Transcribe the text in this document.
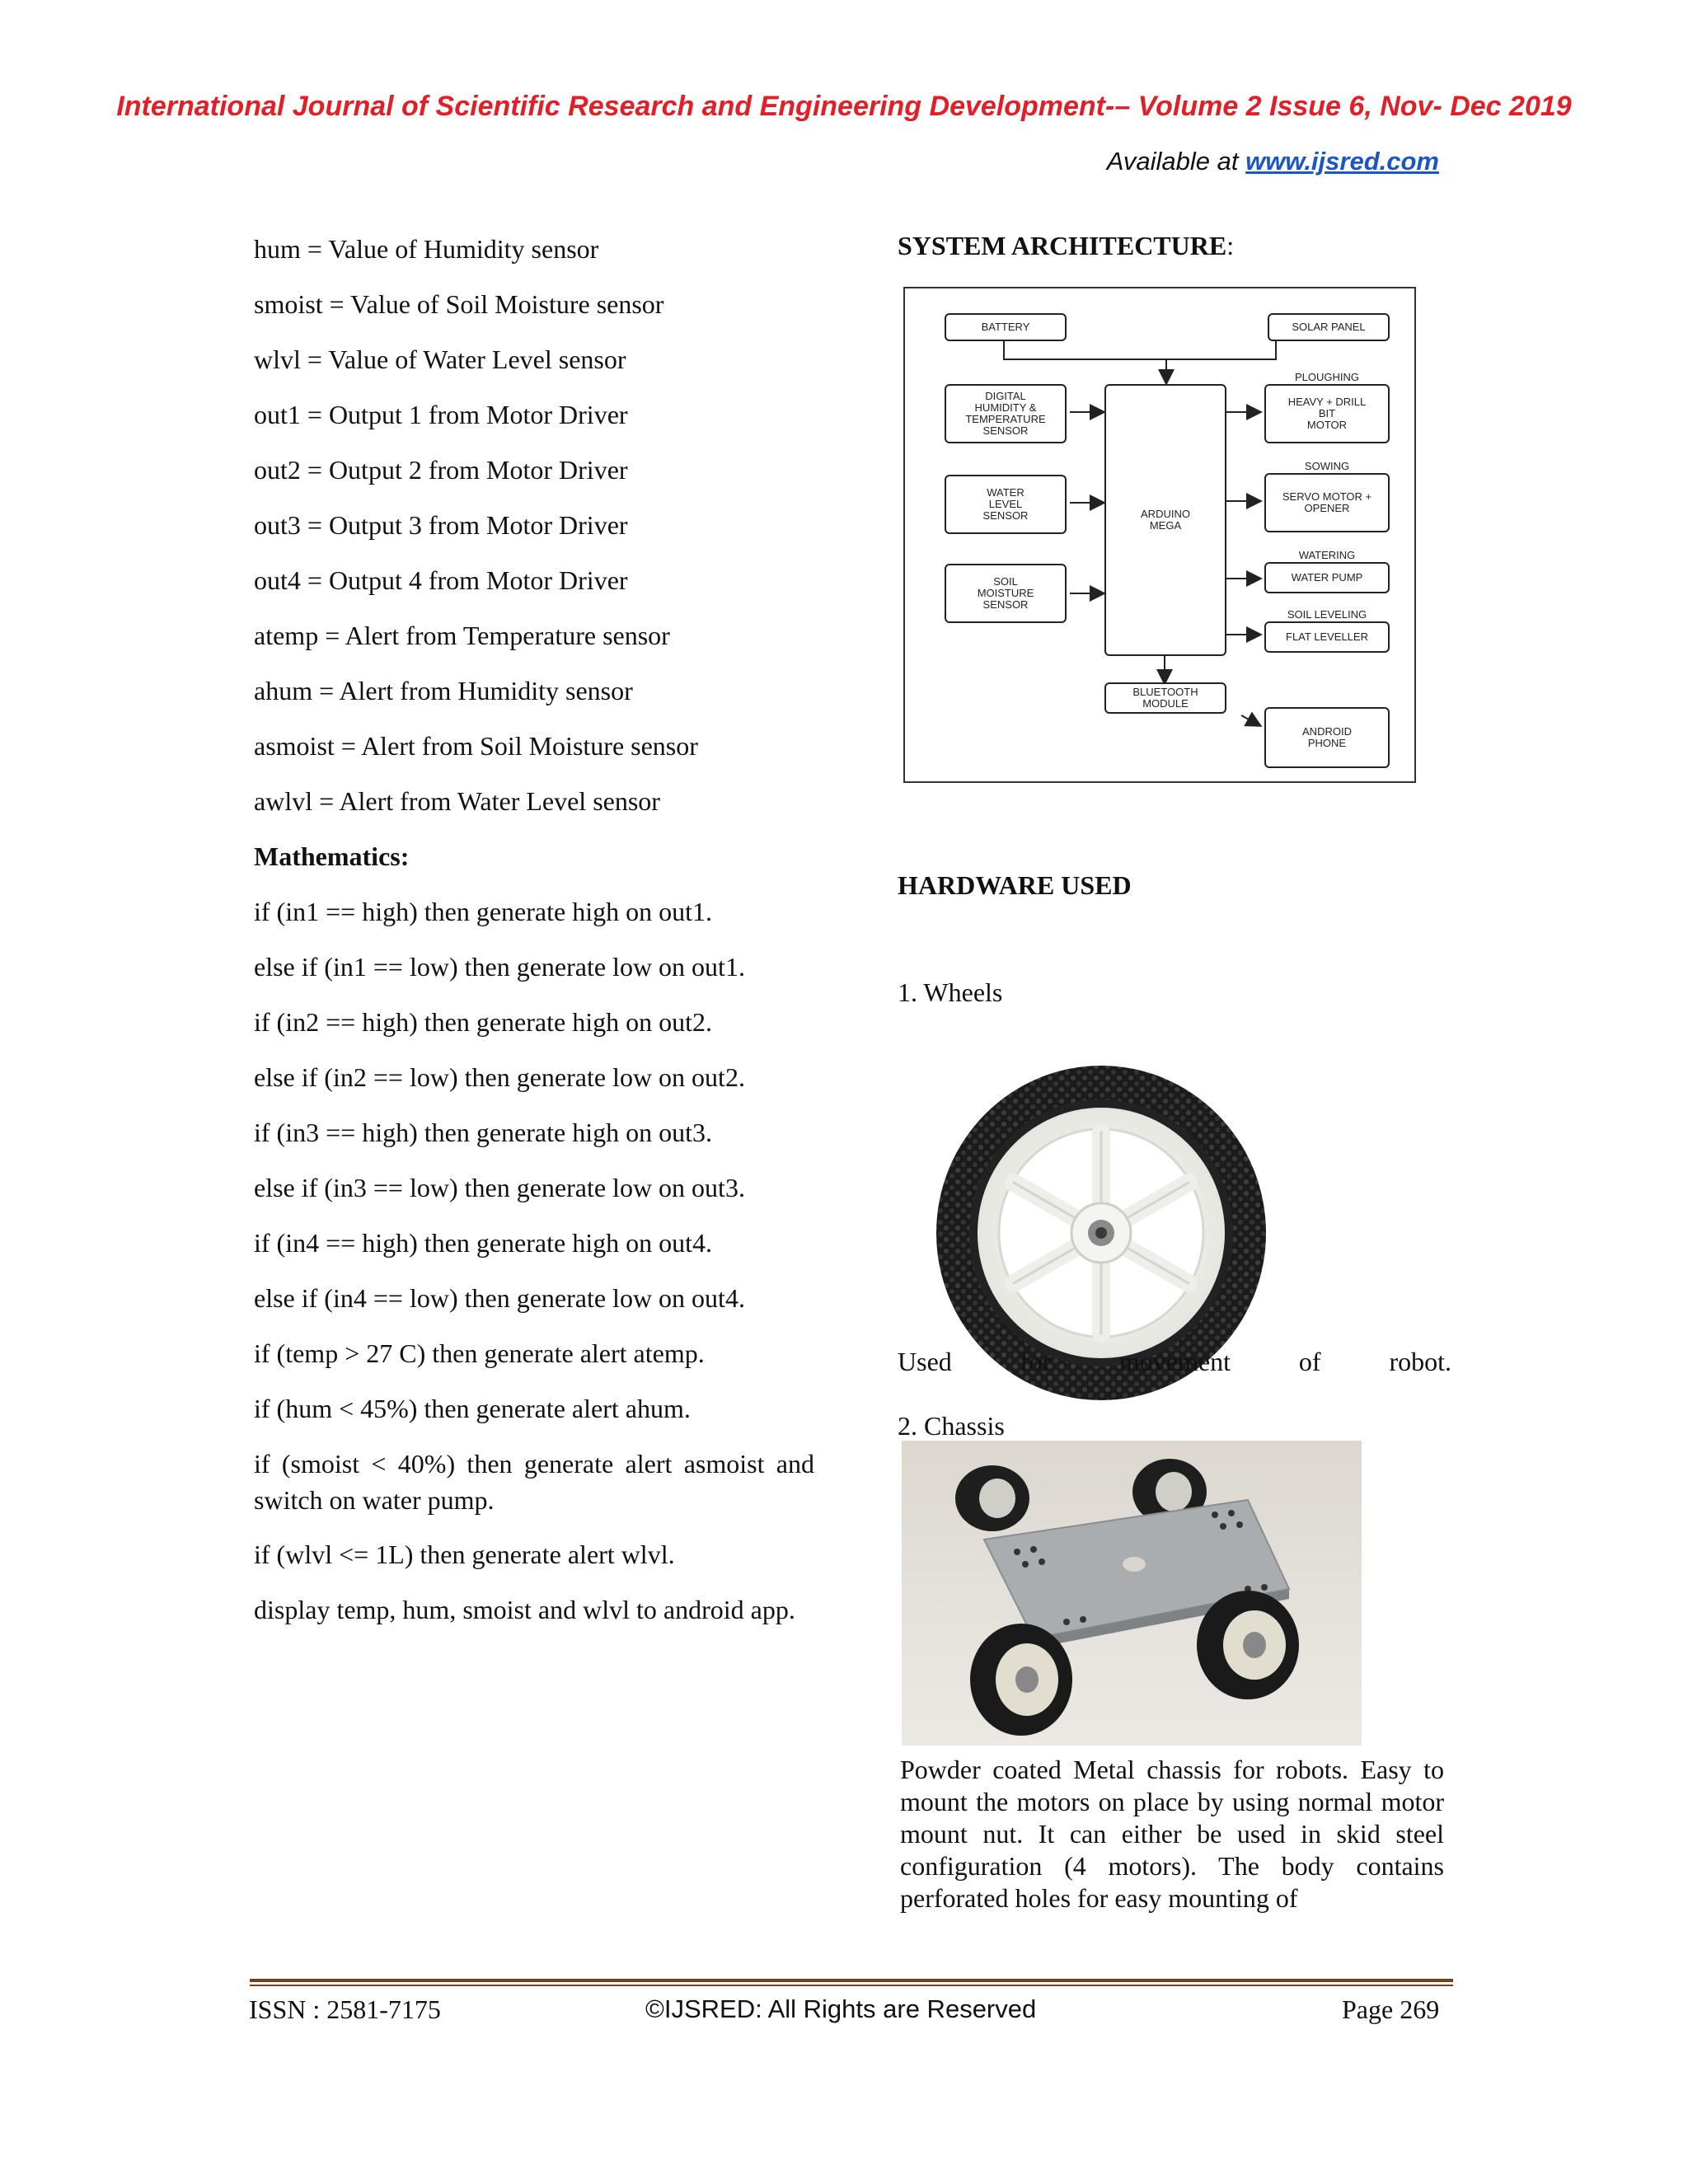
International Journal of Scientific Research and Engineering Development-– Volume 2 Issue 6, Nov- Dec 2019
Available at www.ijsred.com
hum = Value of Humidity sensor
smoist = Value of Soil Moisture sensor
wlvl = Value of Water Level sensor
out1 = Output 1 from Motor Driver
out2 = Output 2 from Motor Driver
out3 = Output 3 from Motor Driver
out4 = Output 4 from Motor Driver
atemp = Alert from Temperature sensor
ahum = Alert from Humidity sensor
asmoist = Alert from Soil Moisture sensor
awlvl = Alert from Water Level sensor
Mathematics:
if (in1 == high) then generate high on out1.
else if (in1 == low) then generate low on out1.
if (in2 == high) then generate high on out2.
else if (in2 == low) then generate low on out2.
if (in3 == high) then generate high on out3.
else if (in3 == low) then generate low on out3.
if (in4 == high) then generate high on out4.
else if (in4 == low) then generate low on out4.
if (temp > 27 C) then generate alert atemp.
if (hum < 45%) then generate alert ahum.
if (smoist < 40%) then generate alert asmoist and switch on water pump.
if (wlvl <= 1L) then generate alert wlvl.
display temp, hum, smoist and wlvl to android app.
SYSTEM ARCHITECTURE:
BATTERY	SOLAR PANEL
DIGITAL
HUMIDITY &
TEMPERATURE
SENSOR
WATER
LEVEL
SENSOR
SOIL
MOISTURE
SENSOR
ARDUINO
MEGA
BLUETOOTH
MODULE
PLOUGHING
HEAVY + DRILL
BIT
MOTOR
SOWING
SERVO MOTOR +
OPENER
WATERING
WATER PUMP
SOIL LEVELING
FLAT LEVELLER
ANDROID
PHONE
HARDWARE USED
1. Wheels
Used	for	movement	of	robot.
2. Chassis
Powder coated Metal chassis for robots. Easy to mount the motors on place by using normal motor mount nut. It can either be used in skid steel configuration (4 motors). The body contains perforated holes for easy mounting of
ISSN : 2581-7175	©IJSRED: All Rights are Reserved	Page 269
